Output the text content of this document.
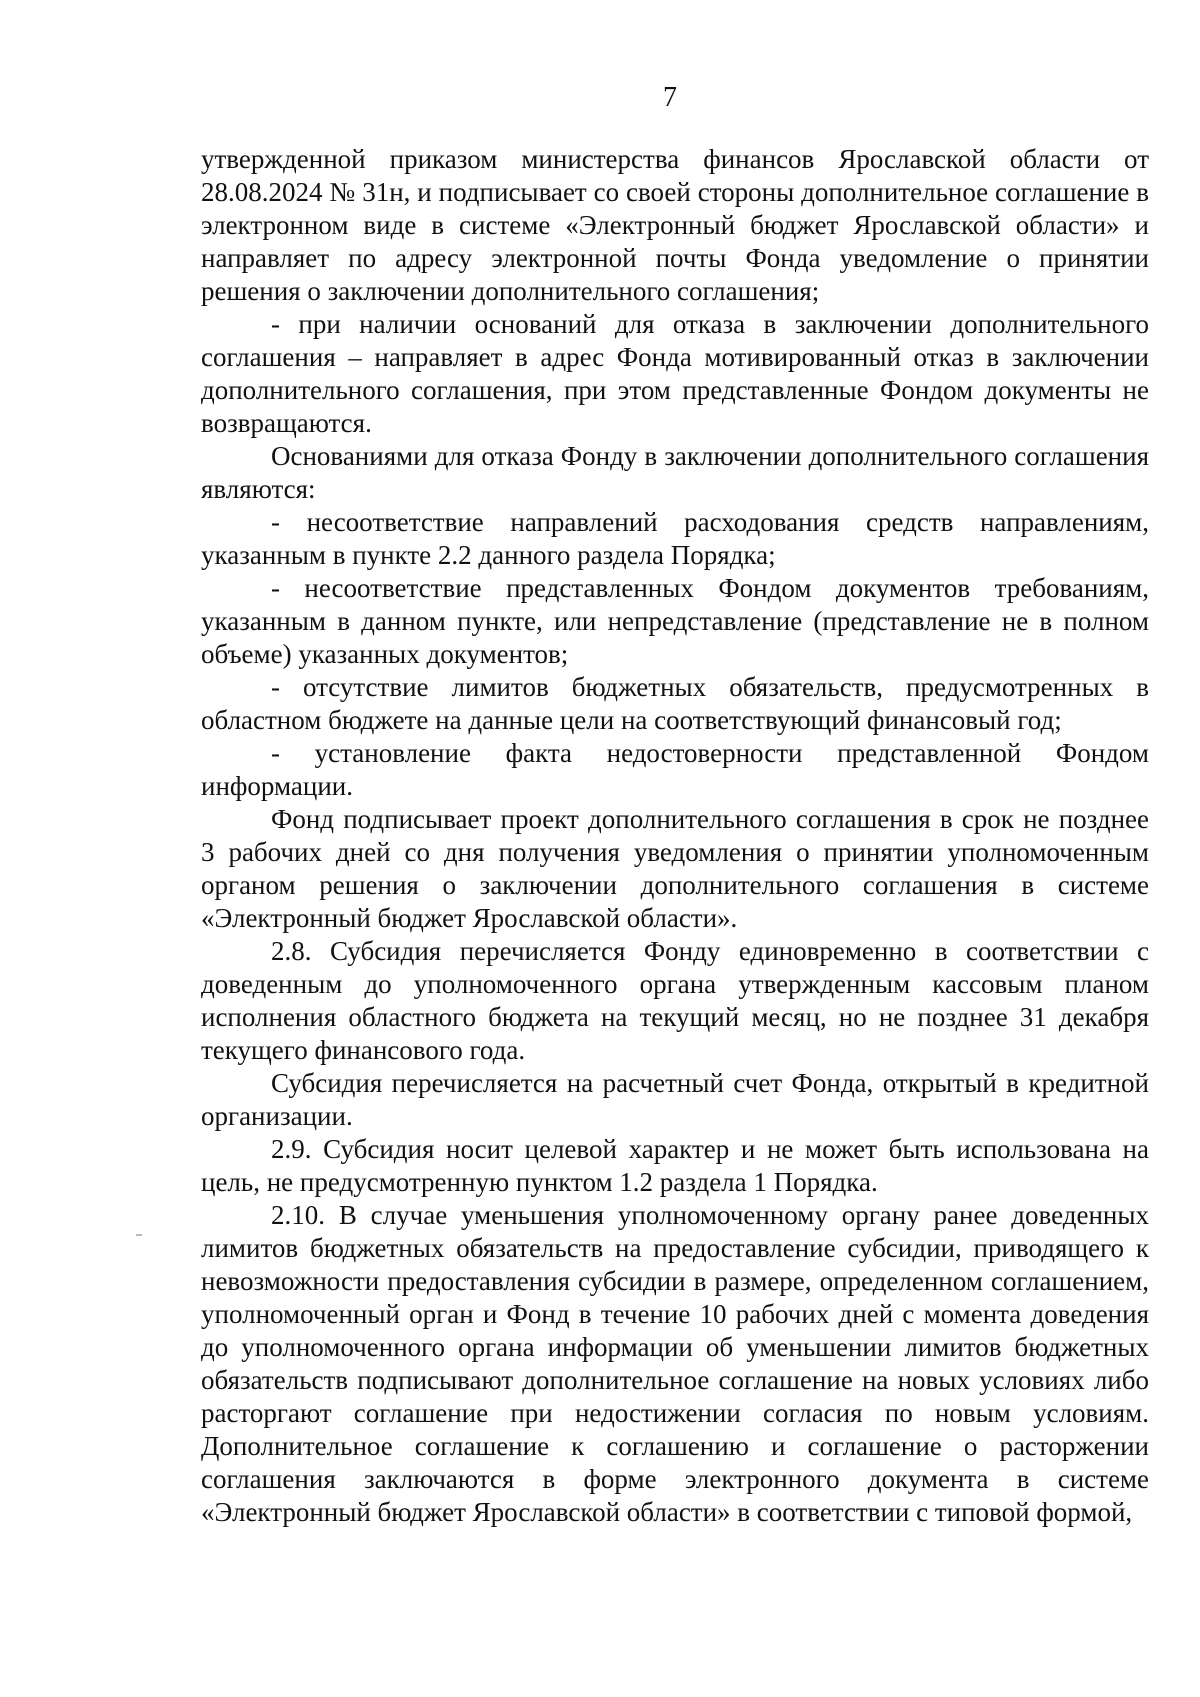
7

утвержденной приказом министерства финансов Ярославской области от 28.08.2024 № 31н, и подписывает со своей стороны дополнительное соглашение в электронном виде в системе «Электронный бюджет Ярославской области» и направляет по адресу электронной почты Фонда уведомление о принятии решения о заключении дополнительного соглашения;

- при наличии оснований для отказа в заключении дополнительного соглашения – направляет в адрес Фонда мотивированный отказ в заключении дополнительного соглашения, при этом представленные Фондом документы не возвращаются.

Основаниями для отказа Фонду в заключении дополнительного соглашения являются:

- несоответствие направлений расходования средств направлениям, указанным в пункте 2.2 данного раздела Порядка;

- несоответствие представленных Фондом документов требованиям, указанным в данном пункте, или непредставление (представление не в полном объеме) указанных документов;

- отсутствие лимитов бюджетных обязательств, предусмотренных в областном бюджете на данные цели на соответствующий финансовый год;

- установление факта недостоверности представленной Фондом информации.

Фонд подписывает проект дополнительного соглашения в срок не позднее 3 рабочих дней со дня получения уведомления о принятии уполномоченным органом решения о заключении дополнительного соглашения в системе «Электронный бюджет Ярославской области».

2.8. Субсидия перечисляется Фонду единовременно в соответствии с доведенным до уполномоченного органа утвержденным кассовым планом исполнения областного бюджета на текущий месяц, но не позднее 31 декабря текущего финансового года.

Субсидия перечисляется на расчетный счет Фонда, открытый в кредитной организации.

2.9. Субсидия носит целевой характер и не может быть использована на цель, не предусмотренную пунктом 1.2 раздела 1 Порядка.

2.10. В случае уменьшения уполномоченному органу ранее доведенных лимитов бюджетных обязательств на предоставление субсидии, приводящего к невозможности предоставления субсидии в размере, определенном соглашением, уполномоченный орган и Фонд в течение 10 рабочих дней с момента доведения до уполномоченного органа информации об уменьшении лимитов бюджетных обязательств подписывают дополнительное соглашение на новых условиях либо расторгают соглашение при недостижении согласия по новым условиям. Дополнительное соглашение к соглашению и соглашение о расторжении соглашения заключаются в форме электронного документа в системе «Электронный бюджет Ярославской области» в соответствии с типовой формой,
